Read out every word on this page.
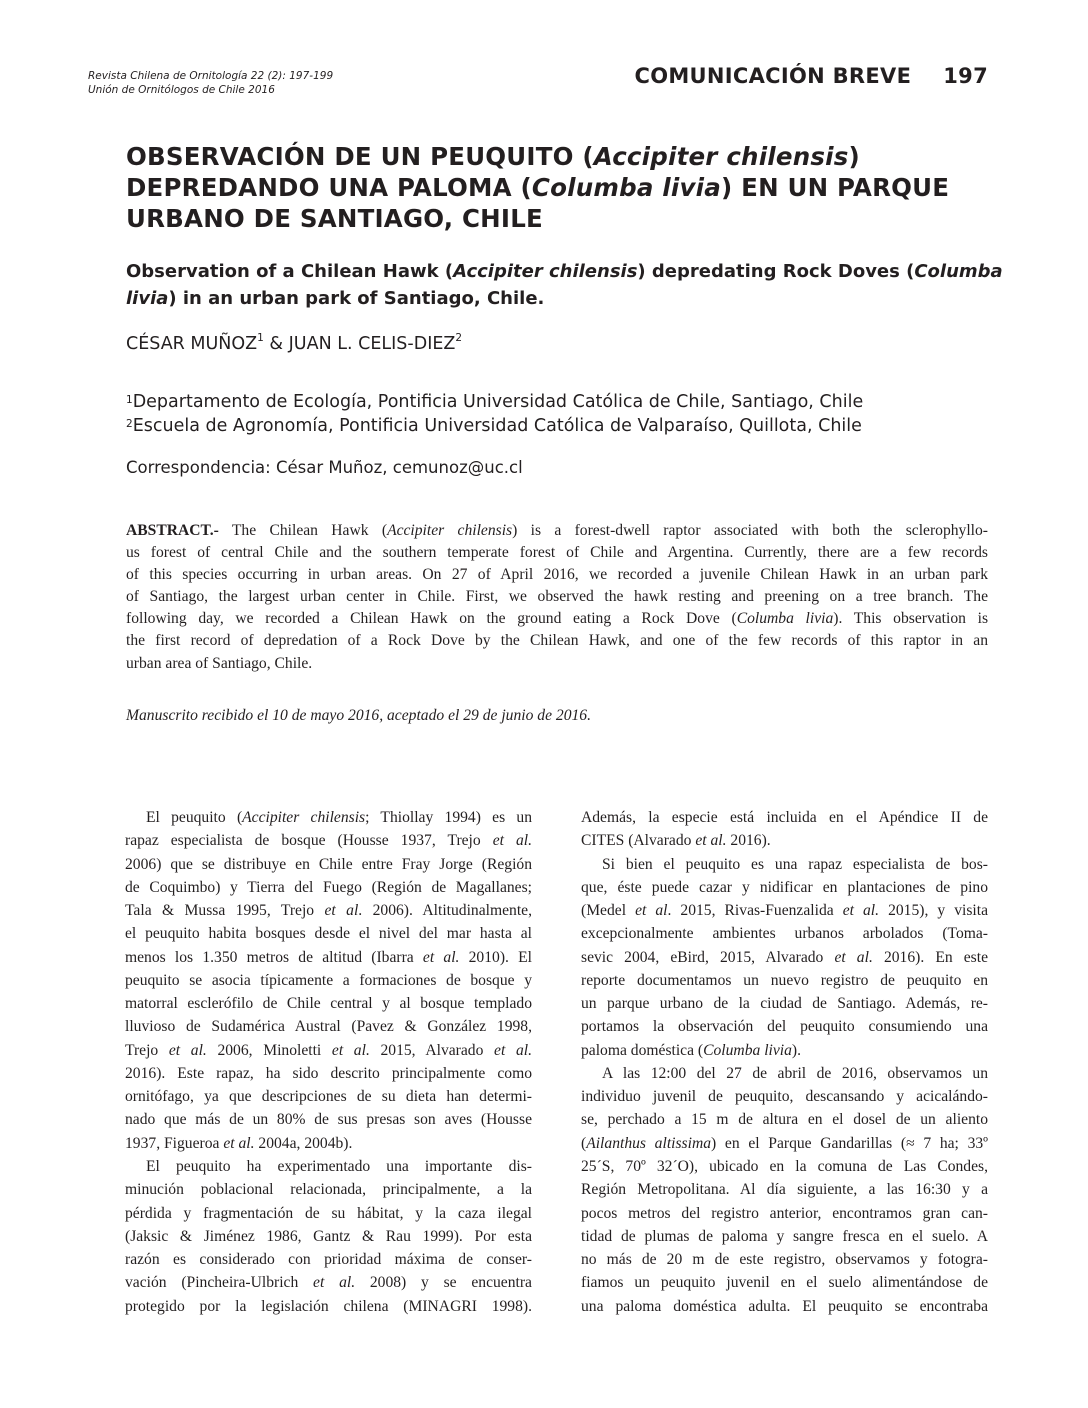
Revista Chilena de Ornitología 22 (2): 197-199
Unión de Ornitólogos de Chile 2016
COMUNICACIÓN BREVE 197
OBSERVACIÓN DE UN PEUQUITO (Accipiter chilensis)
DEPREDANDO UNA PALOMA (Columba livia) EN UN PARQUE
URBANO DE SANTIAGO, CHILE
Observation of a Chilean Hawk (Accipiter chilensis) depredating Rock Doves (Columba
livia) in an urban park of Santiago, Chile.
CÉSAR MUÑOZ$^1$ & JUAN L. CELIS-DIEZ$^2$
$^1$Departamento de Ecología, Pontificia Universidad Católica de Chile, Santiago, Chile
$^2$Escuela de Agronomía, Pontificia Universidad Católica de Valparaíso, Quillota, Chile
Correspondencia: César Muñoz, cemunoz@uc.cl
ABSTRACT.- The Chilean Hawk (Accipiter chilensis) is a forest-dwell raptor associated with both the sclerophyllo-
us forest of central Chile and the southern temperate forest of Chile and Argentina. Currently, there are a few records
of this species occurring in urban areas. On 27 of April 2016, we recorded a juvenile Chilean Hawk in an urban park
of Santiago, the largest urban center in Chile. First, we observed the hawk resting and preening on a tree branch. The
following day, we recorded a Chilean Hawk on the ground eating a Rock Dove (Columba livia). This observation is
the first record of depredation of a Rock Dove by the Chilean Hawk, and one of the few records of this raptor in an
urban area of Santiago, Chile.
Manuscrito recibido el 10 de mayo 2016, aceptado el 29 de junio de 2016.
El peuquito (Accipiter chilensis; Thiollay 1994) es un
rapaz especialista de bosque (Housse 1937, Trejo et al.
2006) que se distribuye en Chile entre Fray Jorge (Región
de Coquimbo) y Tierra del Fuego (Región de Magallanes;
Tala & Mussa 1995, Trejo et al. 2006). Altitudinalmente,
el peuquito habita bosques desde el nivel del mar hasta al
menos los 1.350 metros de altitud (Ibarra et al. 2010). El
peuquito se asocia típicamente a formaciones de bosque y
matorral esclerófilo de Chile central y al bosque templado
lluvioso de Sudamérica Austral (Pavez & González 1998,
Trejo et al. 2006, Minoletti et al. 2015, Alvarado et al.
2016). Este rapaz, ha sido descrito principalmente como
ornitófago, ya que descripciones de su dieta han determi-
nado que más de un 80% de sus presas son aves (Housse
1937, Figueroa et al. 2004a, 2004b).
El peuquito ha experimentado una importante dis-
minución poblacional relacionada, principalmente, a la
pérdida y fragmentación de su hábitat, y la caza ilegal
(Jaksic & Jiménez 1986, Gantz & Rau 1999). Por esta
razón es considerado con prioridad máxima de conser-
vación (Pincheira-Ulbrich et al. 2008) y se encuentra
protegido por la legislación chilena (MINAGRI 1998).
Además, la especie está incluida en el Apéndice II de
CITES (Alvarado et al. 2016).
Si bien el peuquito es una rapaz especialista de bos-
que, éste puede cazar y nidificar en plantaciones de pino
(Medel et al. 2015, Rivas-Fuenzalida et al. 2015), y visita
excepcionalmente ambientes urbanos arbolados (Toma-
sevic 2004, eBird, 2015, Alvarado et al. 2016). En este
reporte documentamos un nuevo registro de peuquito en
un parque urbano de la ciudad de Santiago. Además, re-
portamos la observación del peuquito consumiendo una
paloma doméstica (Columba livia).
A las 12:00 del 27 de abril de 2016, observamos un
individuo juvenil de peuquito, descansando y acicalándo-
se, perchado a 15 m de altura en el dosel de un aliento
(Ailanthus altissima) en el Parque Gandarillas (≈ 7 ha; 33º
25´S, 70º 32´O), ubicado en la comuna de Las Condes,
Región Metropolitana. Al día siguiente, a las 16:30 y a
pocos metros del registro anterior, encontramos gran can-
tidad de plumas de paloma y sangre fresca en el suelo. A
no más de 20 m de este registro, observamos y fotogra-
fiamos un peuquito juvenil en el suelo alimentándose de
una paloma doméstica adulta. El peuquito se encontraba
